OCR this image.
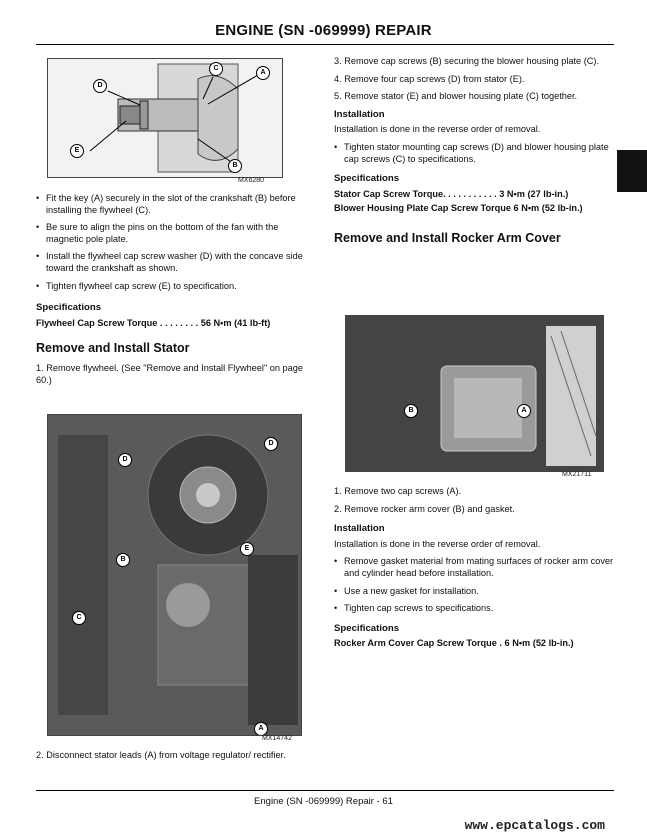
ENGINE (SN -069999) REPAIR
D
C
A
E
B
MX6280

• Fit the key (A) securely in the slot of the crankshaft (B) before installing the flywheel (C).

• Be sure to align the pins on the bottom of the fan with the magnetic pole plate.

• Install the flywheel cap screw washer (D) with the concave side toward the crankshaft as shown.

• Tighten flywheel cap screw (E) to specification.

Specifications
Flywheel Cap Screw Torque . . . . . . . . 56 N•m (41 lb-ft)
Remove and Install Stator

1. Remove flywheel. (See "Remove and Install Flywheel" on page 60.)

D
D
E
B
C
A
MX14742

2. Disconnect stator leads (A) from voltage regulator/ rectifier.

3. Remove cap screws (B) securing the blower housing plate (C).

4. Remove four cap screws (D) from stator (E).

5. Remove stator (E) and blower housing plate (C) together.

Installation

Installation is done in the reverse order of removal.

• Tighten stator mounting cap screws (D) and blower housing plate cap screws (C) to specifications.

Specifications
Stator Cap Screw Torque. . . . . . . . . . . 3 N•m (27 lb-in.)
Blower Housing Plate Cap Screw Torque 6 N•m (52 lb-in.)
Remove and Install Rocker Arm Cover
B	A
MX21711

1. Remove two cap screws (A).

2. Remove rocker arm cover (B) and gasket.

Installation

Installation is done in the reverse order of removal.

• Remove gasket material from mating surfaces of rocker arm cover and cylinder head before installation.

• Use a new gasket for installation.

• Tighten cap screws to specifications.

Specifications
Rocker Arm Cover Cap Screw Torque . 6 N•m (52 lb-in.)
Engine (SN -069999) Repair - 61
www.epcatalogs.com
